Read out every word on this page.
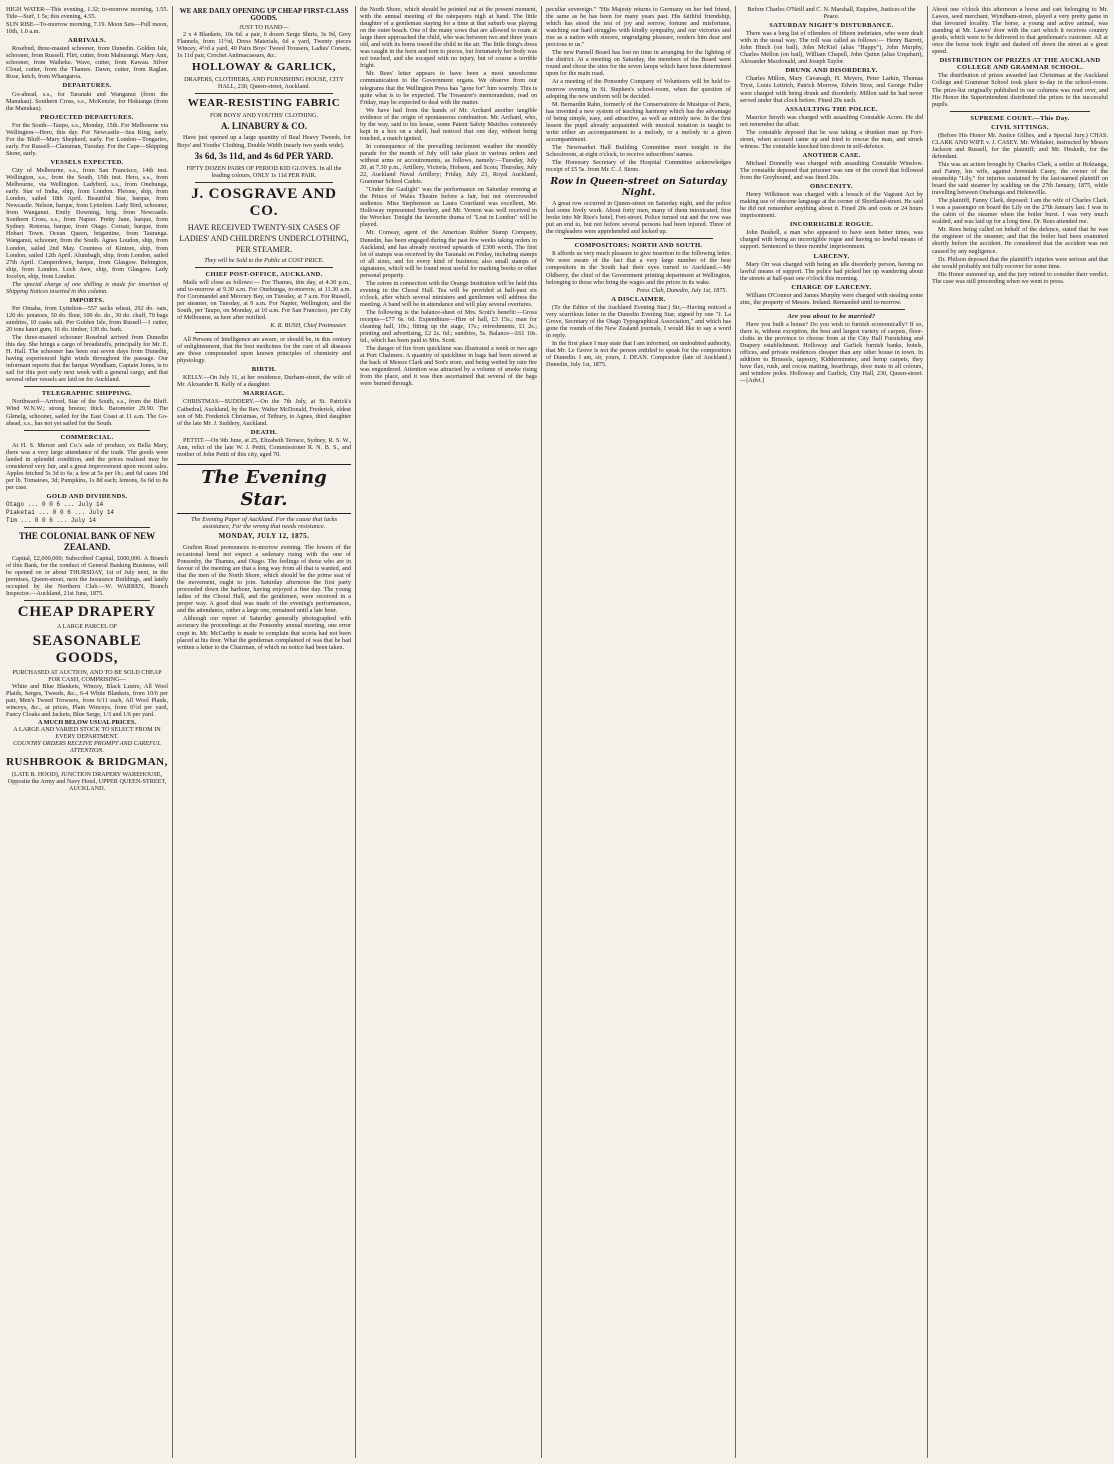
HIGH WATER—This evening, 1.32; to-morrow morning, 1.55. Tide—Surf, 1 5s; this evening, 4.55.

SUN RISE—To-morrow morning, 7.19. Moon Sets—Full moon, 10th, 1.0 a.m.

ARRIVALS.

Rosebud, three-masted schooner, from Dunedin. Golden Isle, schooner, from Russell. Flirt, cutter, from Mahurangi. Mary Ann, schooner, from Waiheke. Wave, cutter, from Kawau. Silver Cloud, cutter, from the Thames. Dawn, cutter, from Raglan. Rose, ketch, from Whangaroa.

DEPARTURES.

Go-ahead, s.s., for Taranaki and Wanganui (from the Manukau). Southern Cross, s.s., McKenzie, for Hokianga (from the Manukau).

PROJECTED DEPARTURES.

For the South—Taupo, s.s., Monday, 15th. For Melbourne via Wellington—Hero, this day. For Newcastle—Sea King, early. For the Bluff—Mary Shepherd, early. For London—Tongariro, early. For Russell—Clansman, Tuesday. For the Cape—Skipping Stone, early.

VESSELS EXPECTED.

City of Melbourne, s.s., from San Francisco, 14th inst. Wellington, s.s., from the South, 15th inst. Hero, s.s., from Melbourne, via Wellington. Ladybird, s.s., from Onehunga, early. Star of India, ship, from London. Pleione, ship, from London, sailed 18th April. Beautiful Star, barque, from Newcastle. Nelson, barque, from Lyttelton. Lady Bird, schooner, from Wanganui. Emily Downing, brig, from Newcastle. Southern Cross, s.s., from Napier. Pretty Jane, barque, from Sydney. Rotorua, barque, from Otago. Corsair, barque, from Hobart Town. Ocean Queen, brigantine, from Tauranga. Wanganui, schooner, from the South. Agnes Loudon, ship, from London, sailed 2nd May. Countess of Kintore, ship, from London, sailed 12th April. Alumbagh, ship, from London, sailed 27th April. Camperdown, barque, from Glasgow. Bebington, ship, from London. Loch Awe, ship, from Glasgow. Lady Jocelyn, ship, from London.

The special charge of one shilling is made for insertion of Shipping Notices inserted in this column.

IMPORTS.

Per Omaha, from Lyttelton—557 sacks wheat, 292 do. oats, 120 do. potatoes, 50 do. flour, 100 do. do., 30 do. chaff, 70 bags sundries, 10 casks salt. Per Golden Isle, from Russell—1 cutter, 20 tons kauri gum, 16 do. timber, 130 do. bark.

The three-masted schooner Rosebud arrived from Dunedin this day. She brings a cargo of breadstuffs, principally for Mr. E. H. Hall. The schooner has been out seven days from Dunedin, having experienced light winds throughout the passage. Our informant reports that the barque Wyndham, Captain Jones, is to sail for this port early next week with a general cargo, and that several other vessels are laid on for Auckland.

TELEGRAPHIC SHIPPING.

Northward—Arrived, Star of the South, s.s., from the Bluff. Wind W.N.W.; strong breeze; thick. Barometer 29.90. The Glenelg, schooner, sailed for the East Coast at 11 a.m. The Go-ahead, s.s., has not yet sailed for the South.

COMMERCIAL.

At H. S. Mercer and Co.'s sale of produce, ex Bella Mary, there was a very large attendance of the trade. The goods were landed in splendid condition, and the prices realised may be considered very fair, and a great improvement upon recent sales. Apples fetched 5s 3d to 6s; a few at 5s per 1b.; and 6d cases 10d per lb. Tomatoes, 3d; Pumpkins, 1s 8d each; lemons, 6s 6d to 8s per case.

GOLD AND DIVIDENDS.

Otago ... 0 0 6 ... July 14

Piaketai ... 0 0 6 ... July 14

Tim ... 0 0 6 ... July 14

THE COLONIAL BANK OF NEW ZEALAND.

Capital, £2,000,000; Subscribed Capital, £600,000. A Branch of this Bank, for the conduct of General Banking Business, will be opened on or about THURSDAY, 1st of July next, in the premises, Queen-street, next the Insurance Buildings, and lately occupied by the Northern Club.—W. WARREN, Branch Inspector.—Auckland, 21st June, 1875.

CHEAP DRAPERY
A LARGE PARCEL OF
SEASONABLE GOODS,
PURCHASED AT AUCTION, AND TO BE SOLD CHEAP FOR CASH, COMPRISING—

White and Blue Blankets, Wincey, Black Lustre, All Wool Plaids, Serges, Tweeds, &c., 6-4 White Blankets, from 10/6 per pair, Men's Tweed Trowsers, from 6/11 each, All Wool Plaids, winceys, &c., at prices, Plain Winceys, from 6½d per yard, Fancy Cloaks and Jackets, Blue Serge, 1/3 and 1/6 per yard.

A MUCH BELOW USUAL PRICES.
A LARGE AND VARIED STOCK TO SELECT FROM IN EVERY DEPARTMENT.
COUNTRY ORDERS RECEIVE PROMPT AND CAREFUL ATTENTION.
RUSHBROOK & BRIDGMAN,
(LATE R. HOOD), JUNCTION DRAPERY WAREHOUSE, Opposite the Army and Navy Hotel, UPPER QUEEN-STREET, AUCKLAND.
WE ARE DAILY OPENING UP CHEAP FIRST-CLASS GOODS.
JUST TO HAND—

2 x 4 Blankets, 10s 6d. a pair, 6 dozen Serge Shirts, 3s 9d, Grey Flannels, from 11½d, Dress Materials, 6d a yard, Twenty pieces Wincey, 4½d a yard, 40 Pairs Boys' Tweed Trousers, Ladies' Corsets, 1s 11d pair, Crochet Antimacassars, &c.

HOLLOWAY & GARLICK,
DRAPERS, CLOTHIERS, AND FURNISHING HOUSE, CITY HALL, 230, Queen-street, Auckland.
WEAR-RESISTING FABRIC
FOR BOYS' AND YOUTHS' CLOTHING.
A. LINABURY & CO.

Have just opened up a large quantity of Real Heavy Tweeds, for Boys' and Youths' Clothing, Double Width (nearly two yards wide).

3s 6d, 3s 11d, and 4s 6d PER YARD.
FIFTY DOZEN PAIRS OF PERIOD KID GLOVES. In all the leading colours, ONLY 1s 11d PER PAIR.
J. COSGRAVE AND CO.
HAVE RECEIVED TWENTY-SIX CASES OF LADIES' AND CHILDREN'S UNDERCLOTHING, PER STEAMER.
They will be Sold to the Public at COST PRICE.
CHIEF POST-OFFICE, AUCKLAND.

Mails will close as follows:— For Thames, this day, at 4.30 p.m., and to-morrow at 9.30 a.m. For Onehunga, to-morrow, at 11.30 a.m. For Coromandel and Mercury Bay, on Tuesday, at 7 a.m. For Russell, per steamer, on Tuesday, at 9 a.m. For Napier, Wellington, and the South, per Taupo, on Monday, at 10 a.m. For San Francisco, per City of Melbourne, as here after notified.

K. R. BUSH, Chief Postmaster.

All Persons of Intelligence are aware, or should be, in this century of enlightenment, that the best medicines for the cure of all diseases are those compounded upon known principles of chemistry and physiology.

BIRTH.

KELLY.—On July 11, at her residence, Durham-street, the wife of Mr. Alexander B. Kelly of a daughter.

MARRIAGE.

CHRISTMAS—SUDDERY.—On the 7th July, at St. Patrick's Cathedral, Auckland, by the Rev. Walter McDonald, Frederick, eldest son of Mr. Frederick Christmas, of Tetbury, to Agnes, third daughter of the late Mr. J. Suddery, Auckland.

DEATH.

PETTIT.—On 9th June, at 25, Elizabeth Terrace, Sydney, R. S. W., Ann, relict of the late W. J. Pettit, Commissioner R. N. B. S., and mother of John Pettit of this city, aged 70.

The Evening Star.
The Evening Paper of Auckland. For the cause that lacks assistance, For the wrong that needs resistance.
MONDAY, JULY 12, 1875.

Grafton Road pronounces to-morrow evening. The lowers of the occasional bend not expect a sedenary rising with the one of Ponsonby, the Thames, and Otago. The feelings of those who are in favour of the meeting are that a long way from all that is wanted, and that the men of the North Shore, which should be the prime seat of the movement, ought to join. Saturday afternoon the first party proceeded down the harbour, having enjoyed a fine day. The young ladies of the Choral Hall, and the gentlemen, were received in a proper way. A good deal was made of the evening's performances, and the attendance, rather a large one, remained until a late hour.

Although our report of Saturday generally photographed with accuracy the proceedings at the Ponsonby annual meeting, one error crept in. Mr. McCarthy is made to complain that scoria had not been placed at his door. What the gentleman complained of was that he had written a letter to the Chairman, of which no notice had been taken.

the North Shore, which should be pointed out at the present moment, with the annual meeting of the ratepayers nigh at hand. The little daughter of a gentleman staying for a time at that suburb was playing on the outer beach. One of the many cows that are allowed to roam at large there approached the child, who was between two and three years old, and with its horns tossed the child in the air. The little thing's dress was caught in the horn and torn to pieces, but fortunately her body was not touched, and she escaped with no injury, but of course a terrible fright.

Mr. Rees' letter appears to have been a most unwelcome communication to the Government organs. We observe from our telegrams that the Wellington Press has "gone for" him warmly. This is quite what is to be expected. The Treasurer's memorandum, read on Friday, may be expected to deal with the matter.

We have had from the hands of Mr. Archard another tangible evidence of the origin of spontaneous combustion. Mr. Archard, who, by the way, said to his house, some Patent Safety Matches commonly kept in a box on a shelf, had noticed that one day, without being touched, a match ignited.

In consequence of the prevailing inclement weather the monthly parade for the month of July will take place in various orders and without arms or accoutrements, as follows, namely:—Tuesday, July 20, at 7.30 p.m., Artillery, Victoria, Hobson, and Scots; Thursday, July 22, Auckland Naval Artillery; Friday, July 23, Royal Auckland, Grammar School Cadets.

"Under the Gaslight" was the performance on Saturday evening at the Prince of Wales Theatre before a fair, but not overcrowded audience. Miss Stephenson as Laura Courtland was excellent, Mr. Holloway represented Snorkey, and Mr. Vernon was well received in the Wrecker. Tonight the favourite drama of "Lost in London" will be played.

Mr. Conway, agent of the American Rubber Stamp Company, Dunedin, has been engaged during the past few weeks taking orders in Auckland, and has already received upwards of £300 worth. The first lot of stamps was received by the Taranaki on Friday, including stamps of all sizes, and for every kind of business; also small stamps of signatures, which will be found most useful for marking books or other personal property.

The soiree in connection with the Orange Institution will be held this evening in the Choral Hall. Tea will be provided at half-past six o'clock, after which several ministers and gentlemen will address the meeting. A band will be in attendance and will play several overtures.

The following is the balance-sheet of Mrs. Scott's benefit:—Gross receipts—£77 6s. 6d. Expenditure—Hire of hall, £3 15s.; man for cleaning hall, 10s.; fitting up the stage, 17s.; refreshments, £1 2s.; printing and advertising, £2 2s. 6d.; sundries, 5s. Balance—£61 10s. 6d., which has been paid to Mrs. Scott.

The danger of fire from quicklime was illustrated a week or two ago at Port Chalmers. A quantity of quicklime in bags had been stowed at the back of Messrs Clark and Son's store, and being wetted by rain fire was engendered. Attention was attracted by a volume of smoke rising from the place, and it was then ascertained that several of the bags were burned through.

peculiar sovereign." "His Majesty returns to Germany on her bed friend, the same as he has been for many years past. His faithful friendship, which has stood the test of joy and sorrow, fortune and misfortune, watching our hard struggles with kindly sympathy, and our victories and rise as a nation with sincere, ungrudging pleasure, renders him dear and precious to us."

The new Parnell Board has lost no time in arranging for the lighting of the district. At a meeting on Saturday, the members of the Board went round and chose the sites for the seven lamps which have been determined upon for the main road.

At a meeting of the Ponsonby Company of Volunteers will be held to-morrow evening in St. Stephen's school-room, when the question of adopting the new uniform will be decided.

M. Bernardin Rahn, formerly of the Conservatoire de Musique of Paris, has invented a new system of teaching harmony which has the advantage of being simple, easy, and attractive, as well as entirely new. In the first lesson the pupil already acquainted with musical notation is taught to write either an accompaniment to a melody, or a melody to a given accompaniment.

The Newmarket Hall Building Committee meet tonight in the Schoolroom, at eight o'clock, to receive subscribers' names.

The Honorary Secretary of the Hospital Committee acknowledges receipt of £5 5s. from Mr. C. J. Stone.

Row in Queen-street on Saturday Night.

A great row occurred in Queen-street on Saturday night, and the police had some lively work. About forty men, many of them intoxicated, first broke into Mr Rice's hotel, Fort-street. Police turned out and the row was put an end to, but not before several persons had been injured. Three of the ringleaders were apprehended and locked up.

COMPOSITORS: NORTH AND SOUTH.

It affords us very much pleasure to give insertion to the following letter. We were aware of the fact that a very large number of the best compositors in the South had their eyes turned to Auckland.—Mr Oldberry, the chief of the Government printing department at Wellington, belonging to those who bring the wages and the prices in its wake.

Press Club, Dunedin, July 1st, 1875.
A DISCLAIMER.

(To the Editor of the Auckland Evening Star.) Sir,—Having noticed a very scurrilous letter in the Dunedin Evening Star, signed by one "J. La Grove, Secretary of the Otago Typographical Association," and which has gone the rounds of the New Zealand journals, I would like to say a word in reply.

In the first place I may state that I am informed, on undoubted authority, that Mr. Le Grove is not the person entitled to speak for the compositors of Dunedin. I am, sir, yours, J. DEAN. Compositor (late of Auckland.) Dunedin, July 1st, 1875.

Before Charles O'Neill and C. N. Marshall, Esquires, Justices of the Peace.

SATURDAY NIGHT'S DISTURBANCE.

There was a long list of offenders of fifteen inebriates, who were dealt with in the usual way. The roll was called as follows:— Henry Barrett, John Hinch (on bail), John McKiel (alias "Happy"), John Murphy, Charles Mellon (on bail), William Chapell, John Quinn (alias Urquhart), Alexander Macdonald, and Joseph Taylor.

DRUNK AND DISORDERLY.

Charles Millon, Mary Cavanagh, H. Meyers, Peter Larkin, Thomas Tryst, Louis Lettrich, Patrick Morrow, Edwin Stow, and George Fuller were charged with being drunk and disorderly. Millon said he had never served under that clock before. Fined 20s each.

ASSAULTING THE POLICE.

Maurice Smyth was charged with assaulting Constable Acorn. He did not remember the affair.

The constable deposed that he was taking a drunken man up Fort-street, when accused came up and tried to rescue the man, and struck witness. The constable knocked him down in self-defence.

ANOTHER CASE.

Michael Donnelly was charged with assaulting Constable Winslow. The constable deposed that prisoner was one of the crowd that followed from the Greyhound, and was fined 20s.

OBSCENITY.

Henry Wilkinson was charged with a breach of the Vagrant Act by making use of obscene language at the corner of Shortland-street. He said he did not remember anything about it. Fined 20s and costs or 24 hours imprisonment.

INCORRIGIBLE ROGUE.

John Bushell, a man who appeared to have seen better times, was charged with being an incorrigible rogue and having no lawful means of support. Sentenced to three months' imprisonment.

LARCENY.

Mary Orr was charged with being an idle disorderly person, having no lawful means of support. The police had picked her up wandering about the streets at half-past one o'clock this morning.

CHARGE OF LARCENY.

William O'Connor and James Murphy were charged with stealing some zinc, the property of Messrs. Ireland. Remanded until to-morrow.

Are you about to be married?

Have you built a house? Do you wish to furnish economically? If so, there is, without exception, the best and largest variety of carpets, floor-cloths in the province to choose from at the City Hall Furnishing and Drapery establishment. Holloway and Garlick furnish banks, hotels, offices, and private residences cheaper than any other house in town. In addition to Brussels, tapestry, Kidderminster, and hemp carpets, they have flax, rush, and cocoa matting, hearthrugs, door mats in all colours, and window poles. Holloway and Garlick, City Hall, 230, Queen-street.—[Advt.]

About one o'clock this afternoon a horse and cart belonging to Mr. Lawes, seed merchant, Wyndham-street, played a very pretty game in that favoured locality. The horse, a young and active animal, was standing at Mr. Lawes' door with the cart which it receives country goods, which were to be delivered to that gentleman's customer. All at once the horse took fright and dashed off down the street at a great speed.

DISTRIBUTION OF PRIZES AT THE AUCKLAND COLLEGE AND GRAMMAR SCHOOL.

The distribution of prizes awarded last Christmas at the Auckland College and Grammar School took place to-day in the school-room. The prize-list originally published in our columns was read over, and His Honor the Superintendent distributed the prizes to the successful pupils.

SUPREME COURT.—This Day.
CIVIL SITTINGS.

(Before His Honor Mr. Justice Gillies, and a Special Jury.) CHAS. CLARK AND WIFE v. J. CASEY. Mr. Whitaker, instructed by Messrs Jackson and Russell, for the plaintiff; and Mr. Hesketh, for the defendant.

This was an action brought by Charles Clark, a settler at Hokianga, and Fanny, his wife, against Jeremiah Casey, the owner of the steamship "Lily," for injuries sustained by the last-named plaintiff on board the said steamer by scalding on the 27th January, 1875, while travelling between Onehunga and Helensville.

The plaintiff, Fanny Clark, deposed: I am the wife of Charles Clark. I was a passenger on board the Lily on the 27th January last. I was in the cabin of the steamer when the boiler burst. I was very much scalded, and was laid up for a long time. Dr. Rees attended me.

Mr. Rees being called on behalf of the defence, stated that he was the engineer of the steamer, and that the boiler had been examined shortly before the accident. He considered that the accident was not caused by any negligence.

Dr. Philson deposed that the plaintiff's injuries were serious and that she would probably not fully recover for some time.

His Honor summed up, and the jury retired to consider their verdict. The case was still proceeding when we went to press.
